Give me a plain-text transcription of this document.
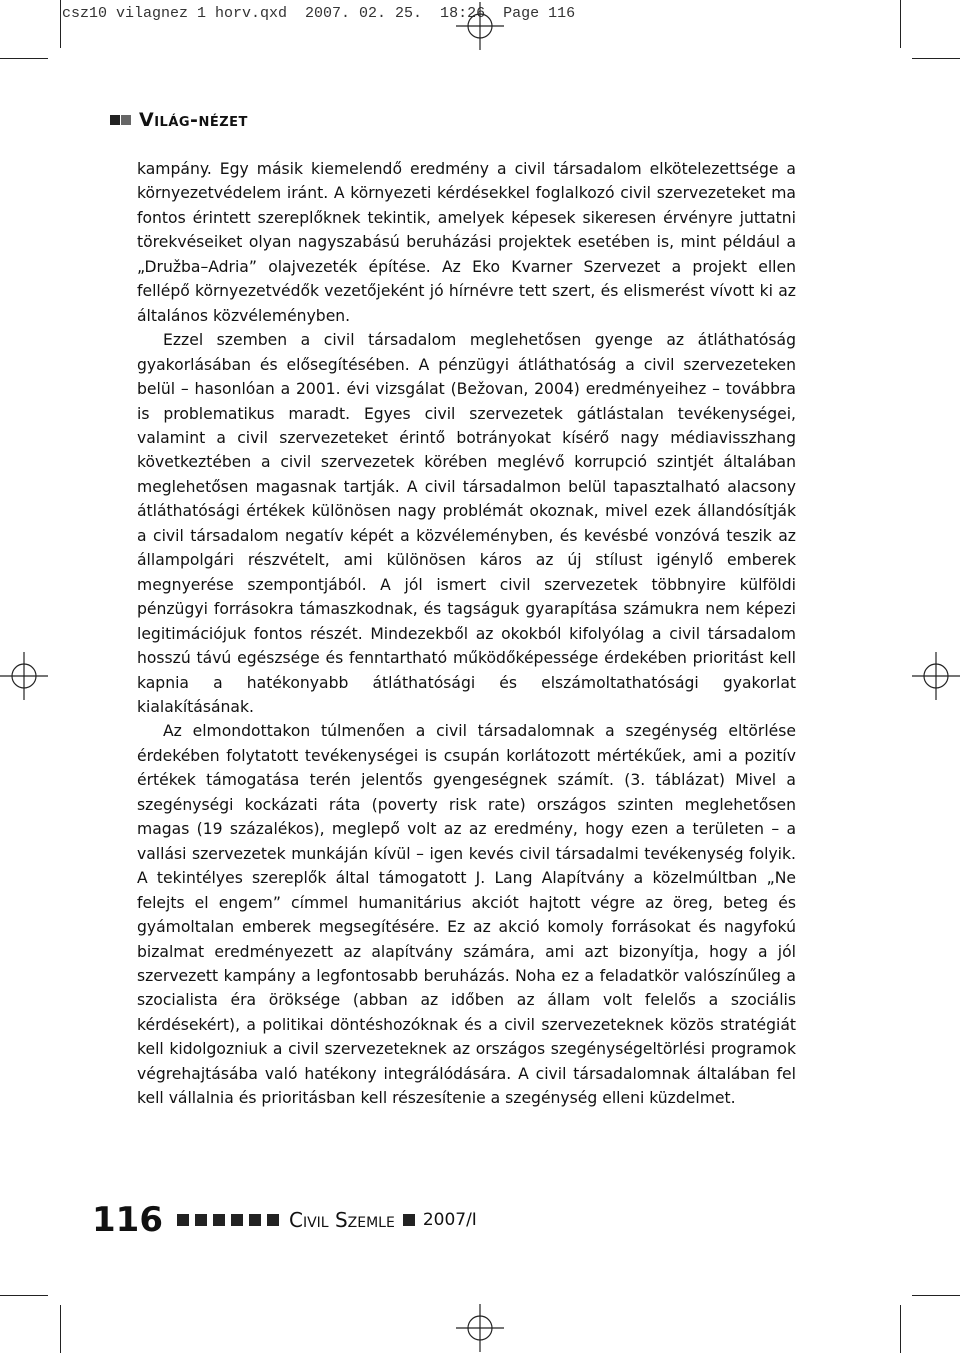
csz10 vilagnez 1 horv.qxd  2007. 02. 25.  18:26  Page 116
Világ-nézet

kampány. Egy másik kiemelendő eredmény a civil társadalom elkötelezettsége a környezetvédelem iránt. A környezeti kérdésekkel foglalkozó civil szervezeteket ma fontos érintett szereplőknek tekintik, amelyek képesek sikeresen érvényre juttatni törekvéseiket olyan nagyszabású beruházási projektek esetében is, mint például a „Družba–Adria” olajvezeték építése. Az Eko Kvarner Szervezet a projekt ellen fellépő környezetvédők vezetőjeként jó hírnévre tett szert, és elismerést vívott ki az általános közvéleményben.

Ezzel szemben a civil társadalom meglehetősen gyenge az átláthatóság gyakorlásában és elősegítésében. A pénzügyi átláthatóság a civil szervezeteken belül – hasonlóan a 2001. évi vizsgálat (Bežovan, 2004) eredményeihez – továbbra is problematikus maradt. Egyes civil szervezetek gátlástalan tevékenységei, valamint a civil szervezeteket érintő botrányokat kísérő nagy médiavisszhang következtében a civil szervezetek körében meglévő korrupció szintjét általában meglehetősen magasnak tartják. A civil társadalmon belül tapasztalható alacsony átláthatósági értékek különösen nagy problémát okoznak, mivel ezek állandósítják a civil társadalom negatív képét a közvéleményben, és kevésbé vonzóvá teszik az állampolgári részvételt, ami különösen káros az új stílust igénylő emberek megnyerése szempontjából. A jól ismert civil szervezetek többnyire külföldi pénzügyi forrásokra támaszkodnak, és tagságuk gyarapítása számukra nem képezi legitimációjuk fontos részét. Mindezekből az okokból kifolyólag a civil társadalom hosszú távú egészsége és fenntartható működőképessége érdekében prioritást kell kapnia a hatékonyabb átláthatósági és elszámoltathatósági gyakorlat kialakításának.

Az elmondottakon túlmenően a civil társadalomnak a szegénység eltörlése érdekében folytatott tevékenységei is csupán korlátozott mértékűek, ami a pozitív értékek támogatása terén jelentős gyengeségnek számít. (3. táblázat) Mivel a szegénységi kockázati ráta (poverty risk rate) országos szinten meglehetősen magas (19 százalékos), meglepő volt az az eredmény, hogy ezen a területen – a vallási szervezetek munkáján kívül – igen kevés civil társadalmi tevékenység folyik. A tekintélyes szereplők által támogatott J. Lang Alapítvány a közelmúltban „Ne felejts el engem” címmel humanitárius akciót hajtott végre az öreg, beteg és gyámoltalan emberek megsegítésére. Ez az akció komoly forrásokat és nagyfokú bizalmat eredményezett az alapítvány számára, ami azt bizonyítja, hogy a jól szervezett kampány a legfontosabb beruházás. Noha ez a feladatkör valószínűleg a szocialista éra öröksége (abban az időben az állam volt felelős a szociális kérdésekért), a politikai döntéshozóknak és a civil szervezeteknek közös stratégiát kell kidolgozniuk a civil szervezeteknek az országos szegénységeltörlési programok végrehajtásába való hatékony integrálódására. A civil társadalomnak általában fel kell vállalnia és prioritásban kell részesítenie a szegénység elleni küzdelmet.

116	Civil Szemle 2007/I
